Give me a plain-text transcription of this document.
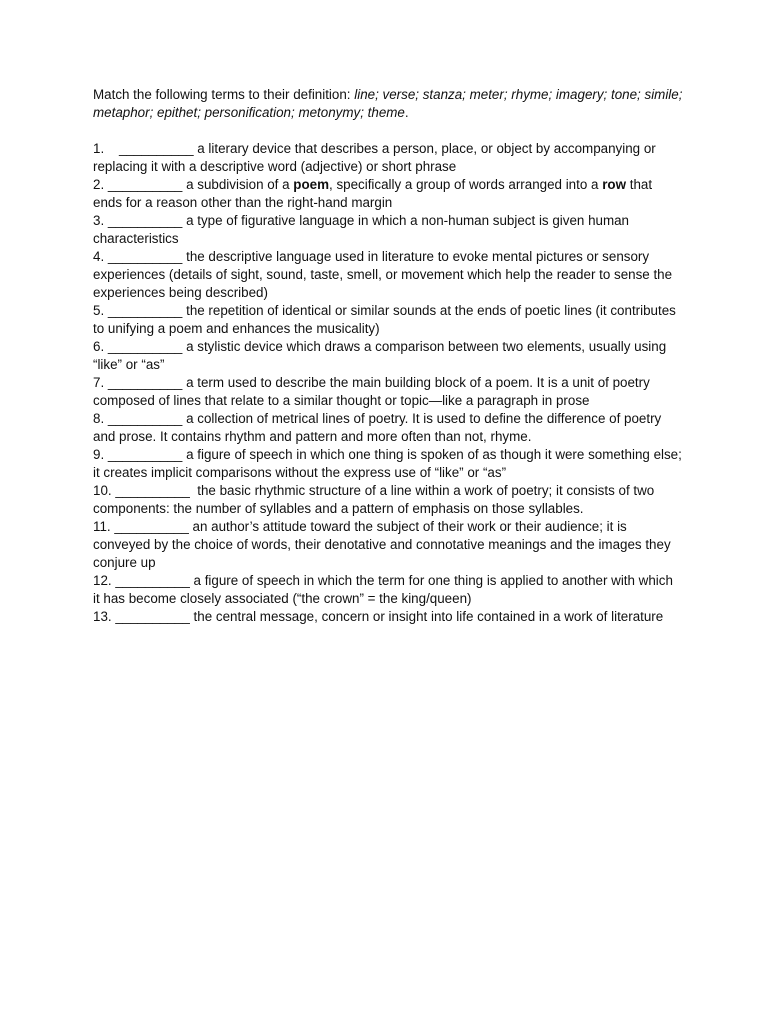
Match the following terms to their definition: line; verse; stanza; meter; rhyme; imagery; tone; simile; metaphor; epithet; personification; metonymy; theme.

1.    __________ a literary device that describes a person, place, or object by accompanying or replacing it with a descriptive word (adjective) or short phrase

2. __________ a subdivision of a poem, specifically a group of words arranged into a row that ends for a reason other than the right-hand margin

3. __________ a type of figurative language in which a non-human subject is given human characteristics

4. __________ the descriptive language used in literature to evoke mental pictures or sensory experiences (details of sight, sound, taste, smell, or movement which help the reader to sense the experiences being described)

5. __________ the repetition of identical or similar sounds at the ends of poetic lines (it contributes to unifying a poem and enhances the musicality)

6. __________ a stylistic device which draws a comparison between two elements, usually using “like” or “as”

7. __________ a term used to describe the main building block of a poem. It is a unit of poetry composed of lines that relate to a similar thought or topic—like a paragraph in prose

8. __________ a collection of metrical lines of poetry. It is used to define the difference of poetry and prose. It contains rhythm and pattern and more often than not, rhyme.

9. __________ a figure of speech in which one thing is spoken of as though it were something else; it creates implicit comparisons without the express use of “like” or “as”

10. __________  the basic rhythmic structure of a line within a work of poetry; it consists of two components: the number of syllables and a pattern of emphasis on those syllables.

11. __________ an author’s attitude toward the subject of their work or their audience; it is conveyed by the choice of words, their denotative and connotative meanings and the images they conjure up

12. __________ a figure of speech in which the term for one thing is applied to another with which it has become closely associated (“the crown” = the king/queen)

13. __________ the central message, concern or insight into life contained in a work of literature
